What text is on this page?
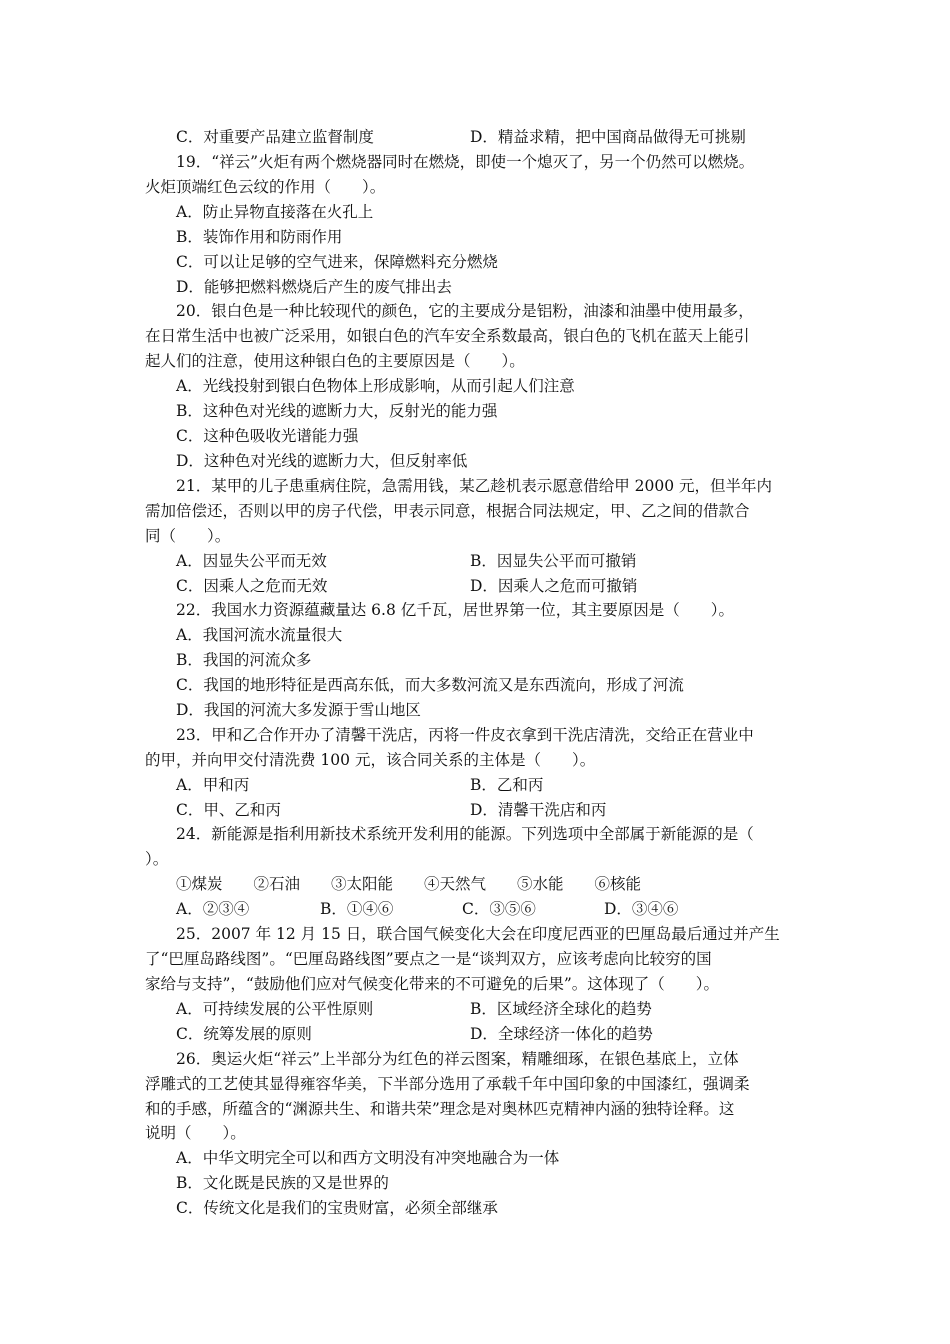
C．对重要产品建立监督制度	D．精益求精，把中国商品做得无可挑剔
19．“祥云”火炬有两个燃烧器同时在燃烧，即使一个熄灭了，另一个仍然可以燃烧。
火炬顶端红色云纹的作用（　　）。
A．防止异物直接落在火孔上
B．装饰作用和防雨作用
C．可以让足够的空气进来，保障燃料充分燃烧
D．能够把燃料燃烧后产生的废气排出去
20．银白色是一种比较现代的颜色，它的主要成分是铝粉，油漆和油墨中使用最多，
在日常生活中也被广泛采用，如银白色的汽车安全系数最高，银白色的飞机在蓝天上能引
起人们的注意，使用这种银白色的主要原因是（　　）。
A．光线投射到银白色物体上形成影响，从而引起人们注意
B．这种色对光线的遮断力大，反射光的能力强
C．这种色吸收光谱能力强
D．这种色对光线的遮断力大，但反射率低
21．某甲的儿子患重病住院，急需用钱，某乙趁机表示愿意借给甲 2000 元，但半年内
需加倍偿还，否则以甲的房子代偿，甲表示同意，根据合同法规定，甲、乙之间的借款合
同（　　）。
A．因显失公平而无效	B．因显失公平而可撤销
C．因乘人之危而无效	D．因乘人之危而可撤销
22．我国水力资源蕴藏量达 6.8 亿千瓦，居世界第一位，其主要原因是（　　）。
A．我国河流水流量很大
B．我国的河流众多
C．我国的地形特征是西高东低，而大多数河流又是东西流向，形成了河流
D．我国的河流大多发源于雪山地区
23．甲和乙合作开办了清馨干洗店，丙将一件皮衣拿到干洗店清洗，交给正在营业中
的甲，并向甲交付清洗费 100 元，该合同关系的主体是（　　）。
A．甲和丙	B．乙和丙
C．甲、乙和丙	D．清馨干洗店和丙
24．新能源是指利用新技术系统开发利用的能源。下列选项中全部属于新能源的是（
）。
①煤炭　　②石油　　③太阳能　　④天然气　　⑤水能　　⑥核能
A．②③④	B．①④⑥	C．③⑤⑥	D．③④⑥
25．2007 年 12 月 15 日，联合国气候变化大会在印度尼西亚的巴厘岛最后通过并产生
了“巴厘岛路线图”。“巴厘岛路线图”要点之一是“谈判双方，应该考虑向比较穷的国
家给与支持”，“鼓励他们应对气候变化带来的不可避免的后果”。这体现了（　　）。
A．可持续发展的公平性原则	B．区域经济全球化的趋势
C．统筹发展的原则	D．全球经济一体化的趋势
26．奥运火炬“祥云”上半部分为红色的祥云图案，精雕细琢，在银色基底上，立体
浮雕式的工艺使其显得雍容华美，下半部分选用了承载千年中国印象的中国漆红，强调柔
和的手感，所蕴含的“渊源共生、和谐共荣”理念是对奥林匹克精神内涵的独特诠释。这
说明（　　）。
A．中华文明完全可以和西方文明没有冲突地融合为一体
B．文化既是民族的又是世界的
C．传统文化是我们的宝贵财富，必须全部继承
